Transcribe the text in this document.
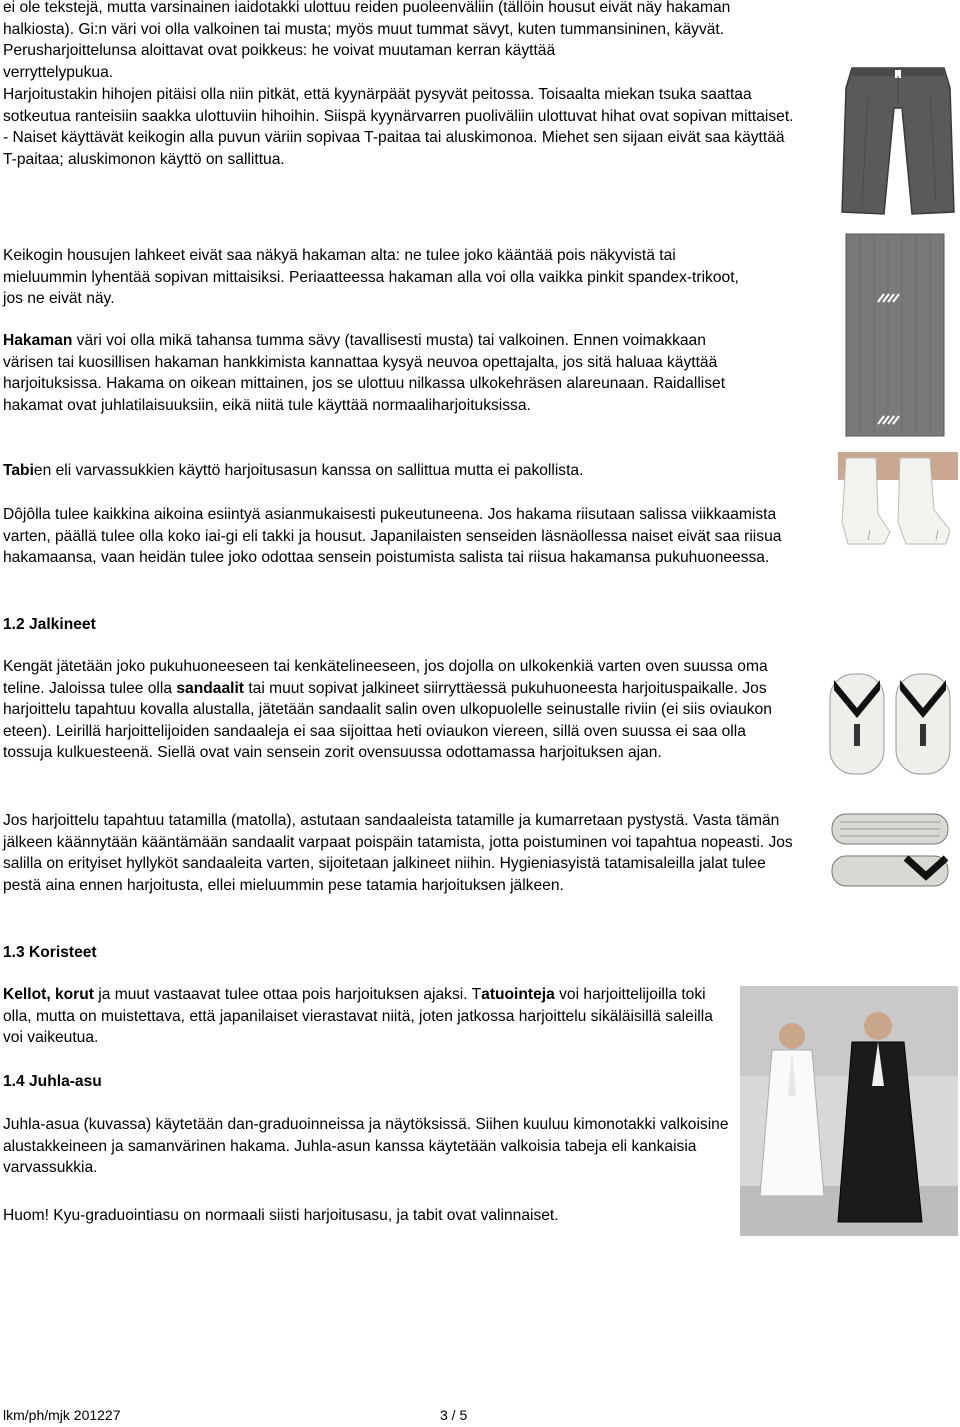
ei ole tekstejä, mutta varsinainen iaidotakki ulottuu reiden puoleenväliin (tällöin housut eivät näy hakaman
halkiosta). Gi:n väri voi olla valkoinen tai musta; myös muut tummat sävyt, kuten tummansininen, käyvät.
Perusharjoittelunsa aloittavat ovat poikkeus: he voivat muutaman kerran käyttää
verryttelypukua.

Harjoitustakin hihojen pitäisi olla niin pitkät, että kyynärpäät pysyvät peitossa. Toisaalta miekan tsuka saattaa sotkeutua ranteisiin saakka ulottuviin hihoihin. Siispä kyynärvarren puoliväliin ulottuvat hihat ovat sopivan mittaiset. - Naiset käyttävät keikogin alla puvun väriin sopivaa T-paitaa tai aluskimonoa. Miehet sen sijaan eivät saa käyttää T-paitaa; aluskimonon käyttö on sallittua.

Keikogin housujen lahkeet eivät saa näkyä hakaman alta: ne tulee joko kääntää pois näkyvistä tai mieluummin lyhentää sopivan mittaisiksi. Periaatteessa hakaman alla voi olla vaikka pinkit spandex-trikoot, jos ne eivät näy.

Hakaman väri voi olla mikä tahansa tumma sävy (tavallisesti musta) tai valkoinen. Ennen voimakkaan värisen tai kuosillisen hakaman hankkimista kannattaa kysyä neuvoa opettajalta, jos sitä haluaa käyttää harjoituksissa. Hakama on oikean mittainen, jos se ulottuu nilkassa ulkokehräsen alareunaan. Raidalliset hakamat ovat juhlatilaisuuksiin, eikä niitä tule käyttää normaaliharjoituksissa.

Tabien eli varvassukkien käyttö harjoitusasun kanssa on sallittua mutta ei pakollista.

Dôjôlla tulee kaikkina aikoina esiintyä asianmukaisesti pukeutuneena. Jos hakama riisutaan salissa viikkaamista varten, päällä tulee olla koko iai-gi eli takki ja housut. Japanilaisten senseiden läsnäollessa naiset eivät saa riisua hakamaansa, vaan heidän tulee joko odottaa sensein poistumista salista tai riisua hakamansa pukuhuoneessa.

1.2 Jalkineet

Kengät jätetään joko pukuhuoneeseen tai kenkätelineeseen, jos dojolla on ulkokenkiä varten oven suussa oma teline. Jaloissa tulee olla sandaalit tai muut sopivat jalkineet siirryttäessä pukuhuoneesta harjoituspaikalle. Jos harjoittelu tapahtuu kovalla alustalla, jätetään sandaalit salin oven ulkopuolelle seinustalle riviin (ei siis oviaukon eteen). Leirillä harjoittelijoiden sandaaleja ei saa sijoittaa heti oviaukon viereen, sillä oven suussa ei saa olla tossuja kulkuesteenä. Siellä ovat vain sensein zorit ovensuussa odottamassa harjoituksen ajan.

Jos harjoittelu tapahtuu tatamilla (matolla), astutaan sandaaleista tatamille ja kumarretaan pystystä. Vasta tämän jälkeen käännytään kääntämään sandaalit varpaat poispäin tatamista, jotta poistuminen voi tapahtua nopeasti. Jos salilla on erityiset hyllyköt sandaaleita varten, sijoitetaan jalkineet niihin. Hygieniasyistä tatamisaleilla jalat tulee pestä aina ennen harjoitusta, ellei mieluummin pese tatamia harjoituksen jälkeen.

1.3 Koristeet

Kellot, korut ja muut vastaavat tulee ottaa pois harjoituksen ajaksi. Tatuointeja voi harjoittelijoilla toki olla, mutta on muistettava, että japanilaiset vierastavat niitä, joten jatkossa harjoittelu sikäläisillä saleilla voi vaikeutua.

1.4 Juhla-asu

Juhla-asua (kuvassa) käytetään dan-graduoinneissa ja näytöksissä. Siihen kuuluu kimonotakki valkoisine alustakkeineen ja samanvärinen hakama. Juhla-asun kanssa käytetään valkoisia tabeja eli kankaisia varvassukkia.

Huom! Kyu-graduointiasu on normaali siisti harjoitusasu, ja tabit ovat valinnaiset.

lkm/ph/mjk 201227	3 / 5
